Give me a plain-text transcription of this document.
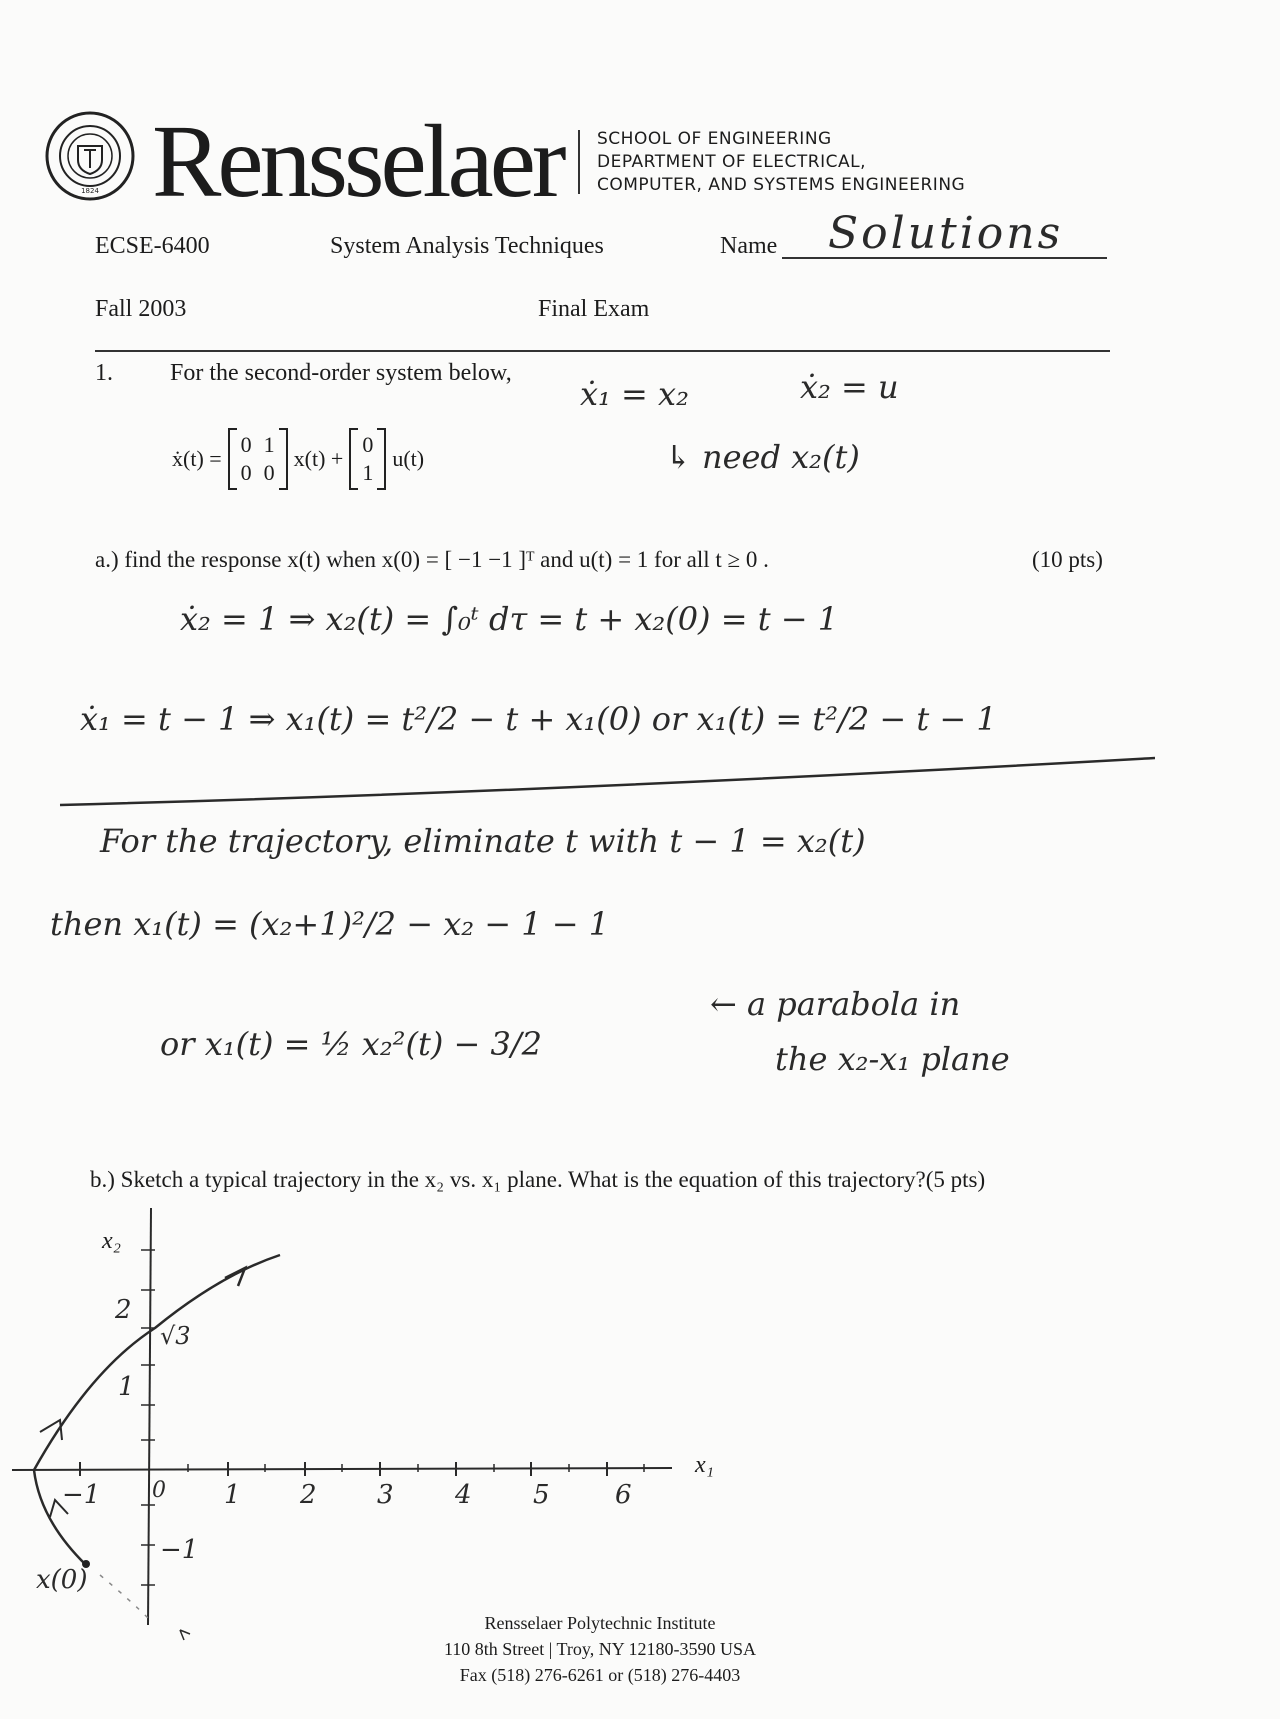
1824 Rensselaer SCHOOL OF ENGINEERING
DEPARTMENT OF ELECTRICAL,
COMPUTER, AND SYSTEMS ENGINEERING
ECSE-6400	System Analysis Techniques	Name Solutions
Fall 2003	Final Exam
1. For the second-order system below,
ẋ(t) =
0 1
0 0
x(t) +
0
1
u(t)
ẋ₁ = x₂	ẋ₂ = u
↳ need x₂(t)
a.) find the response x(t) when x(0) = [ −1 −1 ]ᵀ and u(t) = 1 for all t ≥ 0 .	(10 pts)
ẋ₂ = 1 ⇒ x₂(t) = ∫₀ᵗ dτ = t + x₂(0) = t − 1
ẋ₁ = t − 1 ⇒ x₁(t) = t²/2 − t + x₁(0) or x₁(t) = t²/2 − t − 1
For the trajectory, eliminate t with t − 1 = x₂(t)
then x₁(t) = (x₂+1)²/2 − x₂ − 1 − 1
or x₁(t) = ½ x₂²(t) − 3/2
← a parabola in
the x₂-x₁ plane
b.) Sketch a typical trajectory in the x₂ vs. x₁ plane. What is the equation of this trajectory?(5 pts)
x₂
x₁
2
1
−1
−1 0 1 2 3 4 5	6
√3
x(0)
Rensselaer Polytechnic Institute
110 8th Street | Troy, NY 12180-3590 USA
Fax (518) 276-6261 or (518) 276-4403
